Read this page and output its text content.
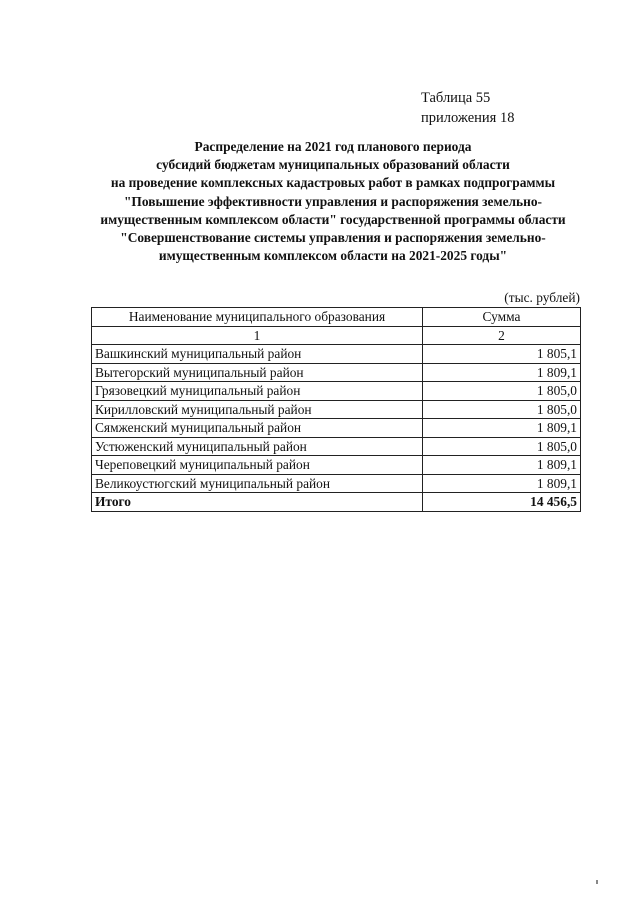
Таблица 55
приложения 18
Распределение на 2021 год планового периода
субсидий бюджетам муниципальных образований области
на проведение комплексных кадастровых работ в рамках подпрограммы
"Повышение эффективности управления и распоряжения земельно-
имущественным комплексом области" государственной программы области
"Совершенствование системы управления и распоряжения земельно-
имущественным комплексом области на 2021-2025 годы"
(тыс. рублей)
Наименование муниципального образования	Сумма
1	2
Вашкинский муниципальный район	1 805,1
Вытегорский муниципальный район	1 809,1
Грязовецкий муниципальный район	1 805,0
Кирилловский муниципальный район	1 805,0
Сямженский муниципальный район	1 809,1
Устюженский муниципальный район	1 805,0
Череповецкий муниципальный район	1 809,1
Великоустюгский муниципальный район	1 809,1
Итого	14 456,5
